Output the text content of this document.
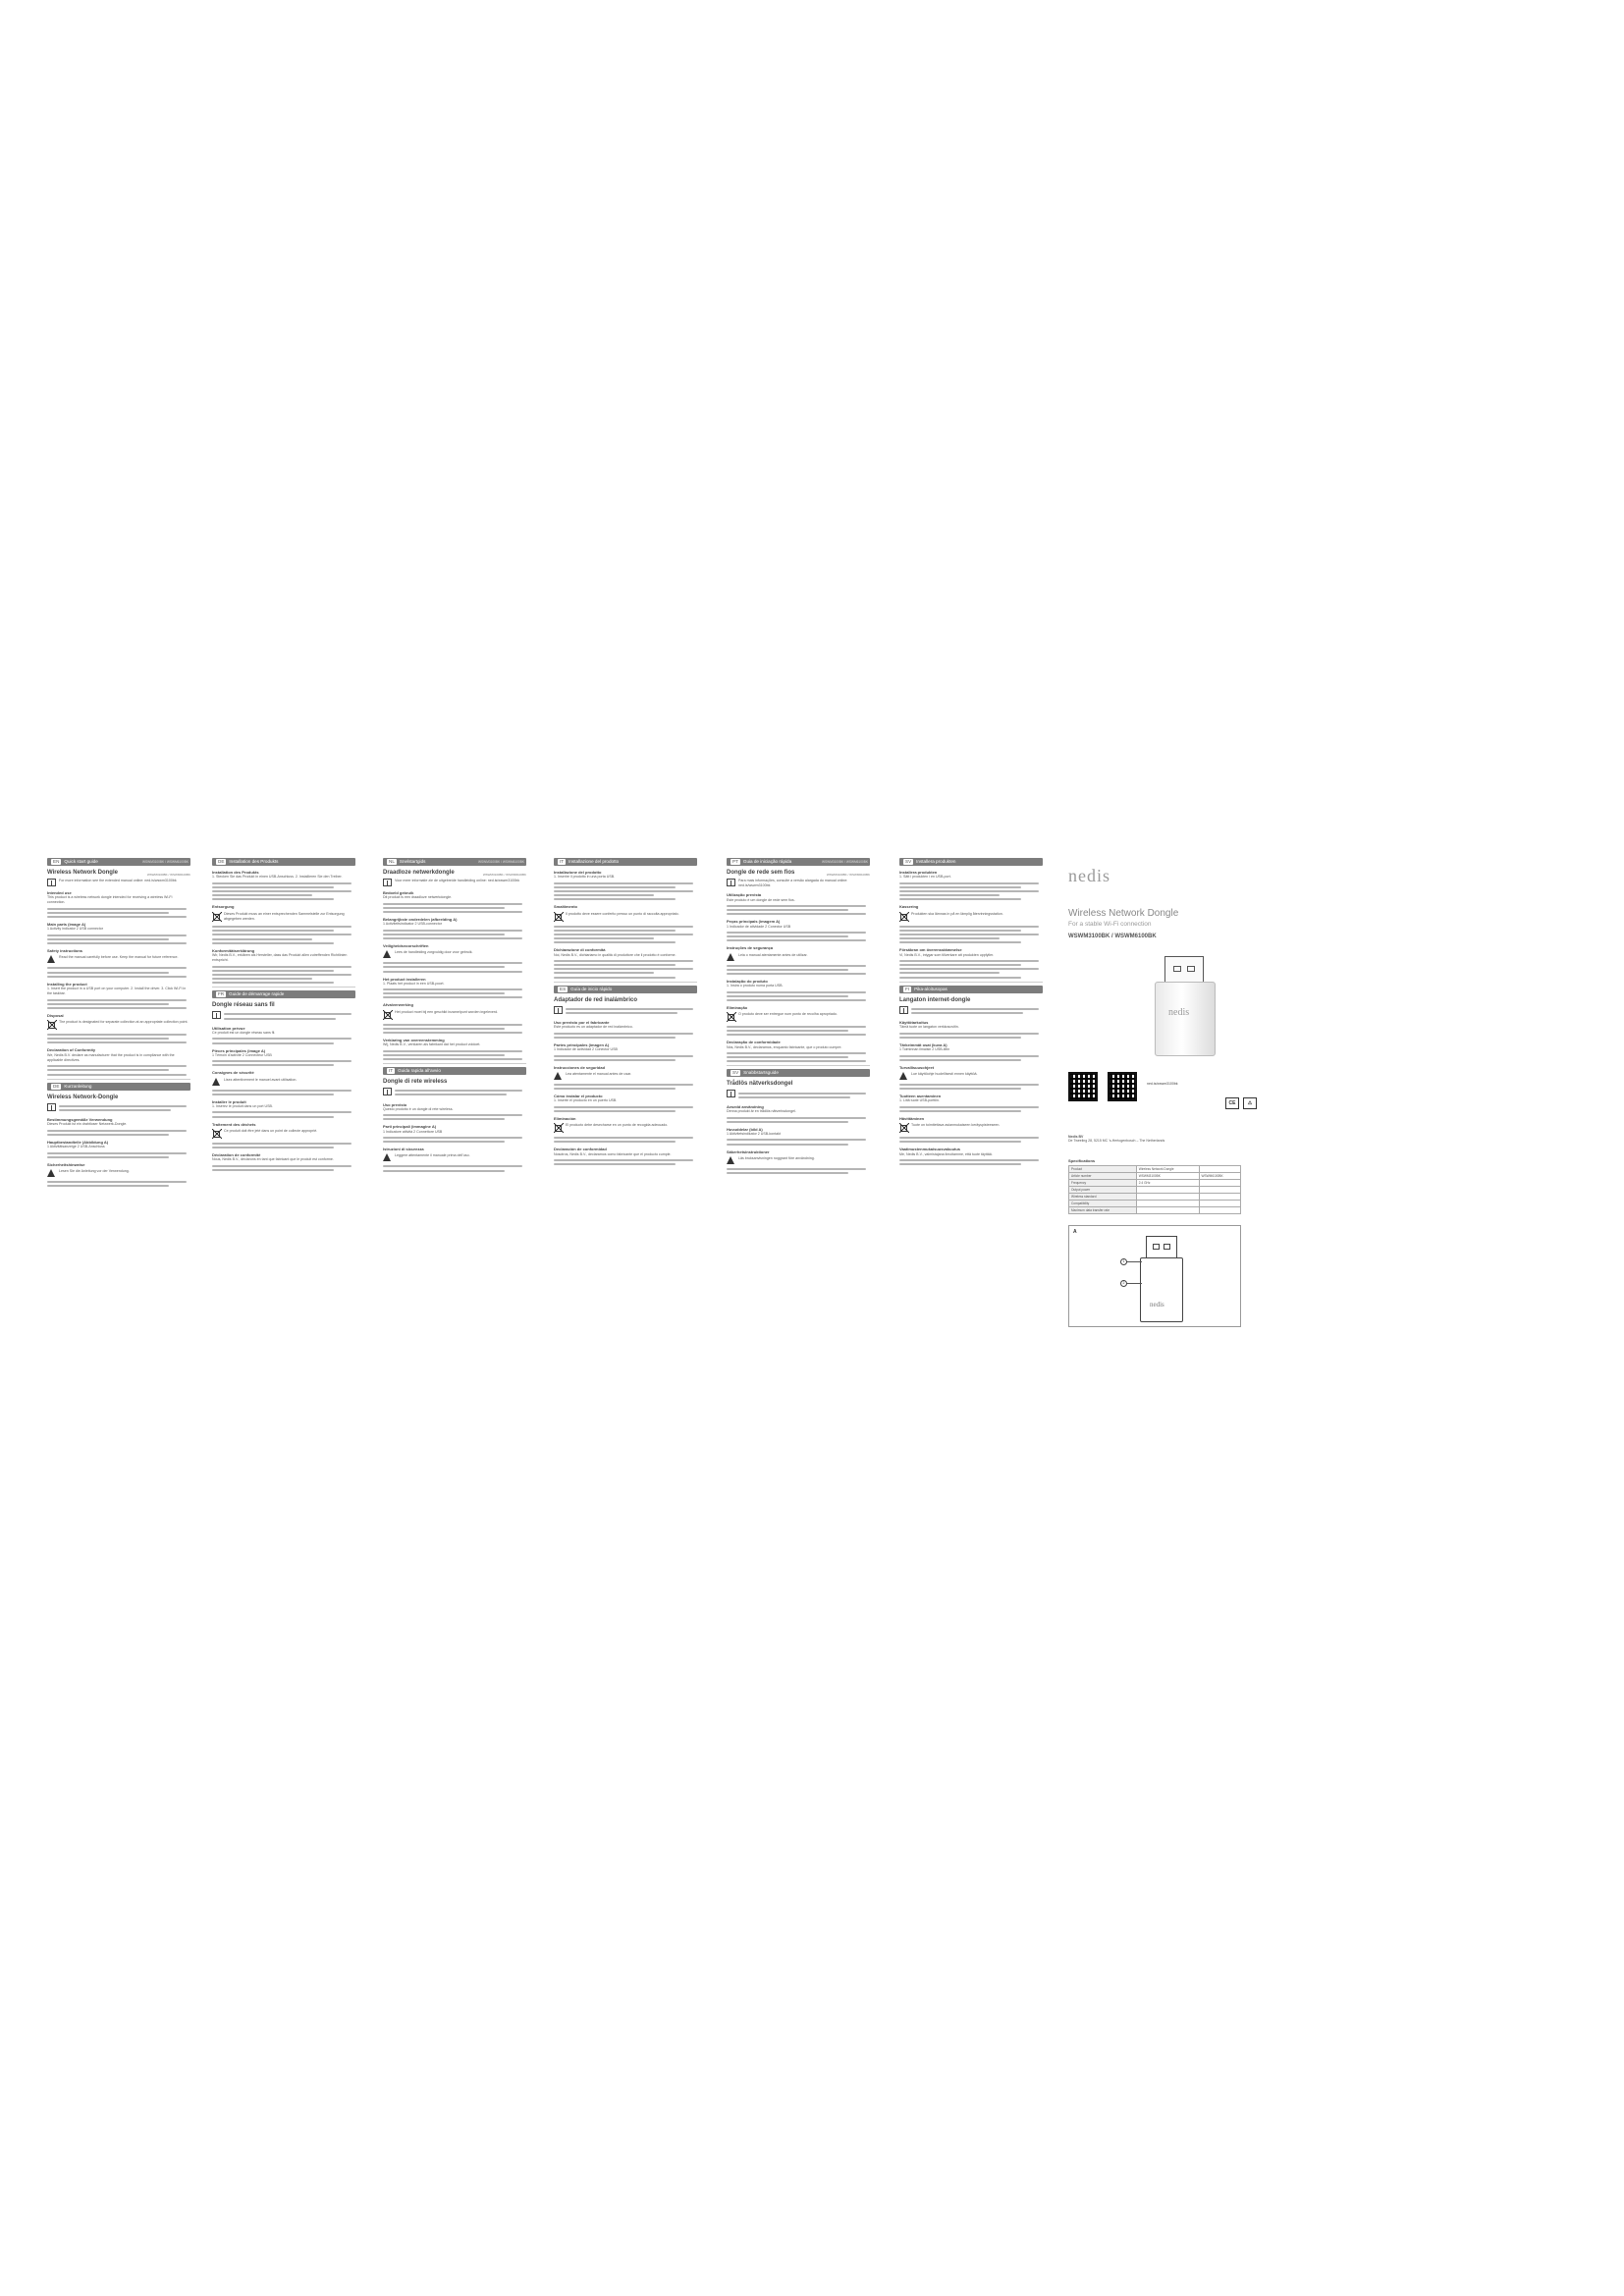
EN Quick start guide	WSWM3100BK / WSWM6100BK
Wireless Network Dongle	WSWM3100BK / WSWM6100BK
For more information see the extended manual online: ned.is/wswm3100bk
Intended use
This product is a wireless network dongle intended for receiving a wireless Wi-Fi connection.
Main parts (image A)
1 Activity indicator 2 USB connector
Safety instructions
Read the manual carefully before use. Keep the manual for future reference.
Installing the product
1. Insert the product in a USB port on your computer. 2. Install the driver. 3. Click Wi-Fi in the taskbar.
Disposal
The product is designated for separate collection at an appropriate collection point.
Declaration of Conformity
We, Nedis B.V. declare as manufacturer that the product is in compliance with the applicable directives.
DE Kurzanleitung
Wireless Network-Dongle
Bestimmungsgemäße Verwendung
Dieses Produkt ist ein drahtloser Netzwerk-Dongle.
Hauptbestandteile (Abbildung A)
1 Aktivitätsanzeige 2 USB-Anschluss
Sicherheitshinweise
Lesen Sie die Anleitung vor der Verwendung.
DE Installation des Produkts
Installation des Produkts
1. Stecken Sie das Produkt in einen USB-Anschluss. 2. Installieren Sie den Treiber.
Entsorgung
Dieses Produkt muss an einer entsprechenden Sammelstelle zur Entsorgung abgegeben werden.
Konformitätserklärung
Wir, Nedis B.V., erklären als Hersteller, dass das Produkt allen zutreffenden Richtlinien entspricht.
FR Guide de démarrage rapide
Dongle réseau sans fil
Utilisation prévue
Ce produit est un dongle réseau sans fil.
Pièces principales (image A)
1 Témoin d'activité 2 Connecteur USB
Consignes de sécurité
Lisez attentivement le manuel avant utilisation.
Installer le produit
1. Insérez le produit dans un port USB.
Traitement des déchets
Ce produit doit être jeté dans un point de collecte approprié.
Déclaration de conformité
Nous, Nedis B.V., déclarons en tant que fabricant que le produit est conforme.
NL Snelstartgids	WSWM3100BK / WSWM6100BK
Draadloze netwerkdongle	WSWM3100BK / WSWM6100BK
Voor meer informatie zie de uitgebreide handleiding online: ned.is/wswm3100bk
Bedoeld gebruik
Dit product is een draadloze netwerkdongle.
Belangrijkste onderdelen (afbeelding A)
1 Activiteitsindicator 2 USB-connector
Veiligheidsvoorschriften
Lees de handleiding zorgvuldig door voor gebruik.
Het product installeren
1. Plaats het product in een USB-poort.
Afvalverwerking
Het product moet bij een geschikt inzamelpunt worden ingeleverd.
Verklaring van overeenstemming
Wij, Nedis B.V., verklaren als fabrikant dat het product voldoet.
IT Guida rapida all'avvio
Dongle di rete wireless
Uso previsto
Questo prodotto è un dongle di rete wireless.
Parti principali (immagine A)
1 Indicatore attività 2 Connettore USB
Istruzioni di sicurezza
Leggere attentamente il manuale prima dell'uso.
IT Installazione del prodotto
Installazione del prodotto
1. Inserire il prodotto in una porta USB.
Smaltimento
Il prodotto deve essere conferito presso un punto di raccolta appropriato.
Dichiarazione di conformità
Noi, Nedis B.V., dichiariamo in qualità di produttore che il prodotto è conforme.
ES Guía de inicio rápido
Adaptador de red inalámbrico
Uso previsto por el fabricante
Este producto es un adaptador de red inalámbrico.
Partes principales (imagen A)
1 Indicador de actividad 2 Conector USB
Instrucciones de seguridad
Lea atentamente el manual antes de usar.
Cómo instalar el producto
1. Inserte el producto en un puerto USB.
Eliminación
El producto debe desecharse en un punto de recogida adecuado.
Declaración de conformidad
Nosotros, Nedis B.V., declaramos como fabricante que el producto cumple.
PT Guia de iniciação rápida	WSWM3100BK / WSWM6100BK
Dongle de rede sem fios	WSWM3100BK / WSWM6100BK
Para mais informações, consulte a versão alargada do manual online: ned.is/wswm3100bk
Utilização prevista
Este produto é um dongle de rede sem fios.
Peças principais (imagem A)
1 Indicador de atividade 2 Conector USB
Instruções de segurança
Leia o manual atentamente antes de utilizar.
Instalação do produto
1. Insira o produto numa porta USB.
Eliminação
O produto deve ser entregue num ponto de recolha apropriado.
Declaração de conformidade
Nós, Nedis B.V., declaramos, enquanto fabricante, que o produto cumpre.
SV Snabbstartsguide
Trådlös nätverksdongel
Avsedd användning
Denna produkt är en trådlös nätverksdongel.
Huvuddelar (bild A)
1 Aktivitetsindikator 2 USB-kontakt
Säkerhetsinstruktioner
Läs bruksanvisningen noggrant före användning.
SV Installera produkten
Installera produkten
1. Sätt i produkten i en USB-port.
Kassering
Produkten ska lämnas in på en lämplig återvinningsstation.
Försäkran om överensstämmelse
Vi, Nedis B.V., intygar som tillverkare att produkten uppfyller.
FI Pika-aloitusopas
Langaton internet-dongle
Käyttötarkoitus
Tämä tuote on langaton verkkosovitin.
Tärkeimmät osat (kuva A)
1 Toiminnan ilmaisin 2 USB-liitin
Turvallisuusohjeet
Lue käyttöohje huolellisesti ennen käyttöä.
Tuotteen asentaminen
1. Liitä tuote USB-porttiin.
Hävittäminen
Tuote on toimitettava asianmukaiseen keräyspisteeseen.
Vaatimustenmukaisuusvakuutus
Me, Nedis B.V., valmistajana ilmoitamme, että tuote täyttää.
nedis
Wireless Network Dongle
For a stable Wi-Fi connection
WSWM3100BK / WSWM6100BK
nedis
ned.is/wswm3100bk
CE	⚠
Nedis BV
De Tweeling 28, 5215 MC 's-Hertogenbosch – The Netherlands
Specifications
Product	Wireless Network Dongle	
Article number	WSWM3100BK	WSWM6100BK
Frequency	2.4 GHz	
Output power		
Wireless standard		
Compatibility		
Maximum data transfer rate		
A
nedis
1
2
